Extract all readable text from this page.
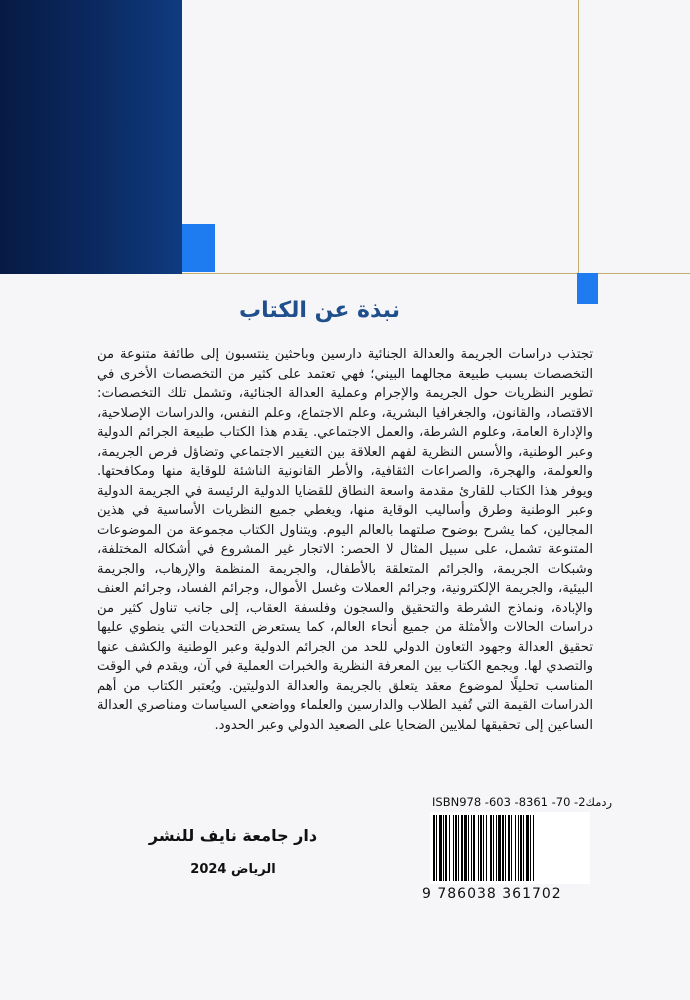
نبذة عن الكتاب

تجتذب دراسات الجريمة والعدالة الجنائية دارسين وباحثين ينتسبون إلى طائفة متنوعة من التخصصات بسبب طبيعة مجالهما البيني؛ فهي تعتمد على كثير من التخصصات الأخرى في تطوير النظريات حول الجريمة والإجرام وعملية العدالة الجنائية، وتشمل تلك التخصصات: الاقتصاد، والقانون، والجغرافيا البشرية، وعلم الاجتماع، وعلم النفس، والدراسات الإصلاحية، والإدارة العامة، وعلوم الشرطة، والعمل الاجتماعي. يقدم هذا الكتاب طبيعة الجرائم الدولية وعبر الوطنية، والأسس النظرية لفهم العلاقة بين التغيير الاجتماعي وتضاؤل فرص الجريمة، والعولمة، والهجرة، والصراعات الثقافية، والأطر القانونية الناشئة للوقاية منها ومكافحتها. ويوفر هذا الكتاب للقارئ مقدمة واسعة النطاق للقضايا الدولية الرئيسة في الجريمة الدولية وعبر الوطنية وطرق وأساليب الوقاية منها، ويغطي جميع النظريات الأساسية في هذين المجالين، كما يشرح بوضوح صلتهما بالعالم اليوم. ويتناول الكتاب مجموعة من الموضوعات المتنوعة تشمل، على سبيل المثال لا الحصر: الاتجار غير المشروع في أشكاله المختلفة، وشبكات الجريمة، والجرائم المتعلقة بالأطفال، والجريمة المنظمة والإرهاب، والجريمة البيئية، والجريمة الإلكترونية، وجرائم العملات وغسل الأموال، وجرائم الفساد، وجرائم العنف والإبادة، ونماذج الشرطة والتحقيق والسجون وفلسفة العقاب، إلى جانب تناول كثير من دراسات الحالات والأمثلة من جميع أنحاء العالم، كما يستعرض التحديات التي ينطوي عليها تحقيق العدالة وجهود التعاون الدولي للحد من الجرائم الدولية وعبر الوطنية والكشف عنها والتصدي لها. ويجمع الكتاب بين المعرفة النظرية والخبرات العملية في آن، ويقدم في الوقت المناسب تحليلًا لموضوع معقد يتعلق بالجريمة والعدالة الدوليتين. ويُعتبر الكتاب من أهم الدراسات القيمة التي تُفيد الطلاب والدارسين والعلماء وواضعي السياسات ومناصري العدالة الساعين إلى تحقيقها لملايين الضحايا على الصعيد الدولي وعبر الحدود.

ISBN 978 -603 -8361 -70 -2 ردمك
9 786038 361702
دار جامعة نايف للنشر
الرياض 2024
